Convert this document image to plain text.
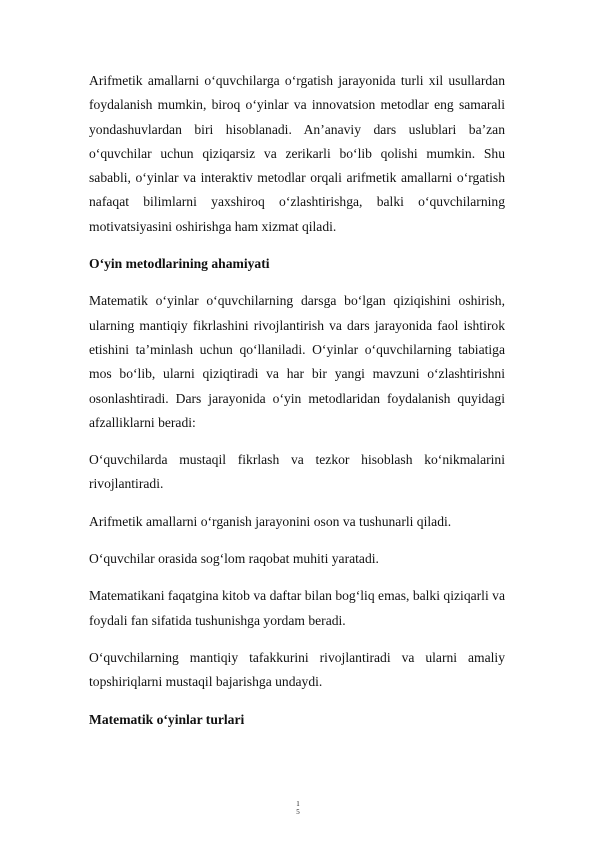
Arifmetik amallarni o‘quvchilarga o‘rgatish jarayonida turli xil usullardan foydalanish mumkin, biroq o‘yinlar va innovatsion metodlar eng samarali yondashuvlardan biri hisoblanadi. An’anaviy dars uslublari ba’zan o‘quvchilar uchun qiziqarsiz va zerikarli bo‘lib qolishi mumkin. Shu sababli, o‘yinlar va interaktiv metodlar orqali arifmetik amallarni o‘rgatish nafaqat bilimlarni yaxshiroq o‘zlashtirishga, balki o‘quvchilarning motivatsiyasini oshirishga ham xizmat qiladi.

O‘yin metodlarining ahamiyati

Matematik o‘yinlar o‘quvchilarning darsga bo‘lgan qiziqishini oshirish, ularning mantiqiy fikrlashini rivojlantirish va dars jarayonida faol ishtirok etishini ta’minlash uchun qo‘llaniladi. O‘yinlar o‘quvchilarning tabiatiga mos bo‘lib, ularni qiziqtiradi va har bir yangi mavzuni o‘zlashtirishni osonlashtiradi. Dars jarayonida o‘yin metodlaridan foydalanish quyidagi afzalliklarni beradi:

O‘quvchilarda mustaqil fikrlash va tezkor hisoblash ko‘nikmalarini rivojlantiradi.

Arifmetik amallarni o‘rganish jarayonini oson va tushunarli qiladi.

O‘quvchilar orasida sog‘lom raqobat muhiti yaratadi.

Matematikani faqatgina kitob va daftar bilan bog‘liq emas, balki qiziqarli va foydali fan sifatida tushunishga yordam beradi.

O‘quvchilarning mantiqiy tafakkurini rivojlantiradi va ularni amaliy topshiriqlarni mustaqil bajarishga undaydi.

Matematik o‘yinlar turlari

1
5
